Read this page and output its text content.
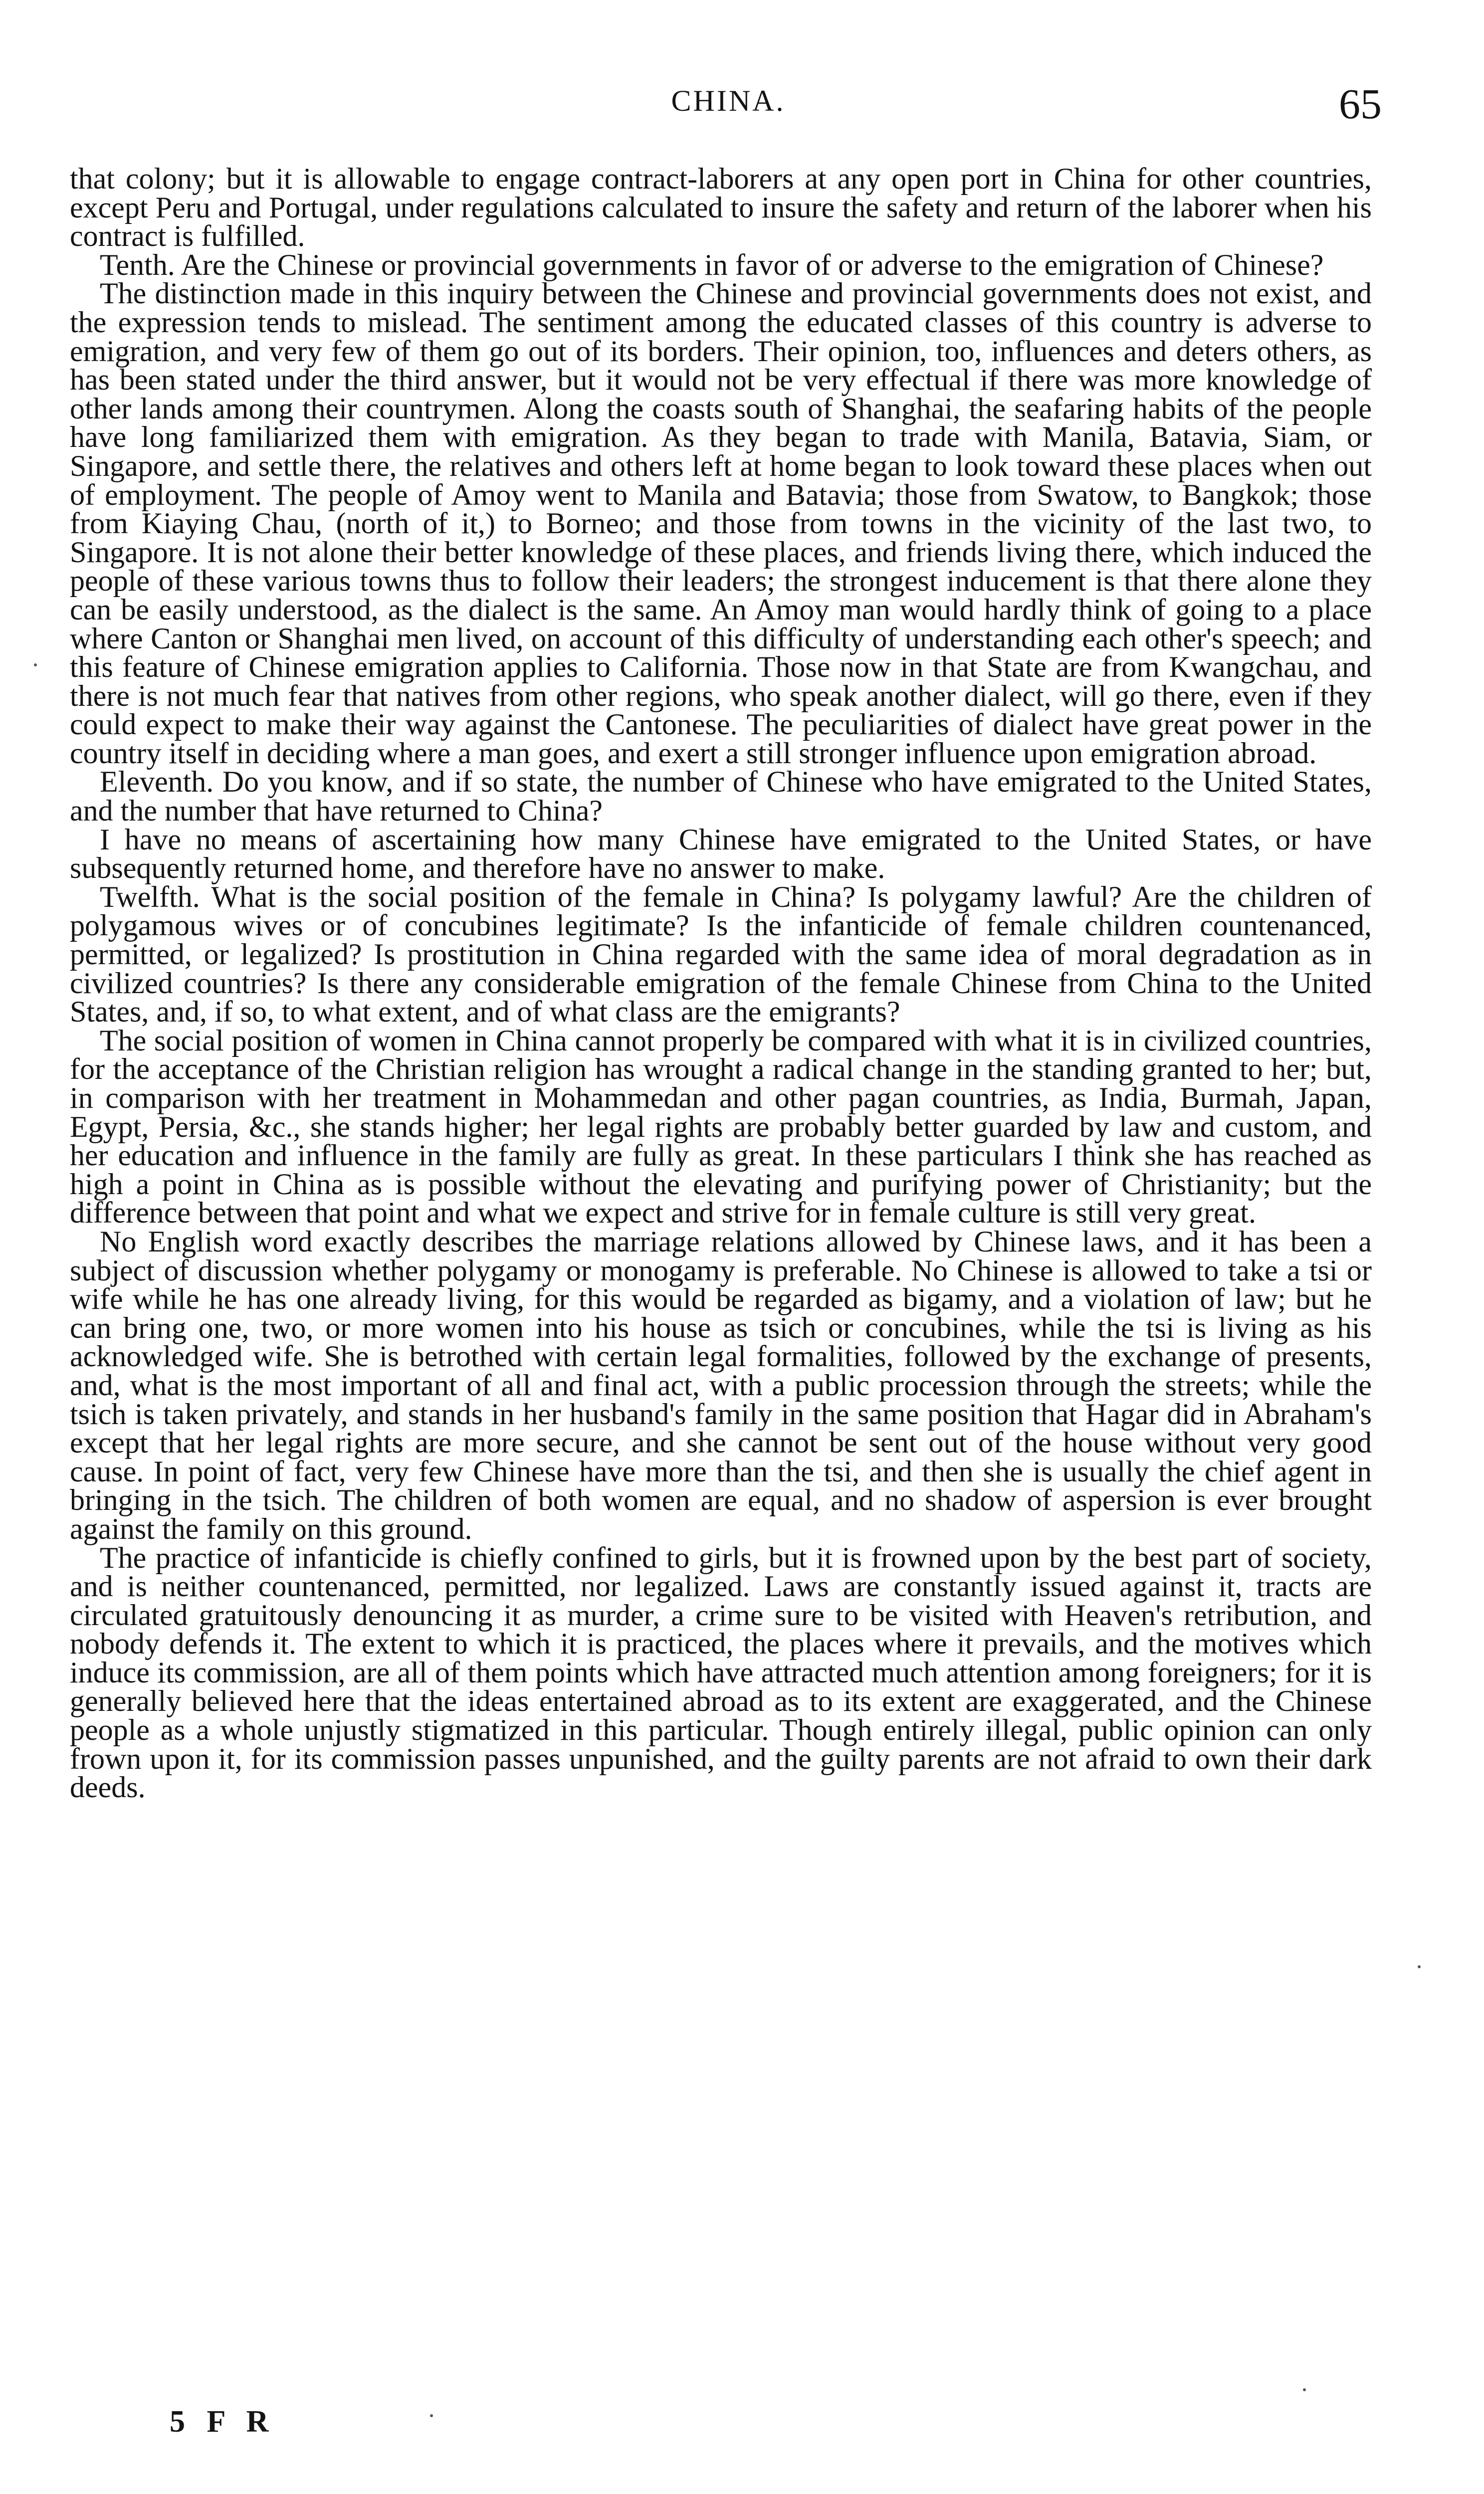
CHINA.	65

that colony; but it is allowable to engage contract-laborers at any open port in China for other countries, except Peru and Portugal, under regulations calculated to insure the safety and return of the laborer when his contract is fulfilled.

Tenth. Are the Chinese or provincial governments in favor of or adverse to the emigration of Chinese?

The distinction made in this inquiry between the Chinese and provincial governments does not exist, and the expression tends to mislead. The sentiment among the educated classes of this country is adverse to emigration, and very few of them go out of its borders. Their opinion, too, influences and deters others, as has been stated under the third answer, but it would not be very effectual if there was more knowledge of other lands among their countrymen. Along the coasts south of Shanghai, the seafaring habits of the people have long familiarized them with emigration. As they began to trade with Manila, Batavia, Siam, or Singapore, and settle there, the relatives and others left at home began to look toward these places when out of employment. The people of Amoy went to Manila and Batavia; those from Swatow, to Bangkok; those from Kiaying Chau, (north of it,) to Borneo; and those from towns in the vicinity of the last two, to Singapore. It is not alone their better knowledge of these places, and friends living there, which induced the people of these various towns thus to follow their leaders; the strongest inducement is that there alone they can be easily understood, as the dialect is the same. An Amoy man would hardly think of going to a place where Canton or Shanghai men lived, on account of this difficulty of understanding each other's speech; and this feature of Chinese emigration applies to California. Those now in that State are from Kwangchau, and there is not much fear that natives from other regions, who speak another dialect, will go there, even if they could expect to make their way against the Cantonese. The peculiarities of dialect have great power in the country itself in deciding where a man goes, and exert a still stronger influence upon emigration abroad.

Eleventh. Do you know, and if so state, the number of Chinese who have emigrated to the United States, and the number that have returned to China?

I have no means of ascertaining how many Chinese have emigrated to the United States, or have subsequently returned home, and therefore have no answer to make.

Twelfth. What is the social position of the female in China? Is polygamy lawful? Are the children of polygamous wives or of concubines legitimate? Is the infanticide of female children countenanced, permitted, or legalized? Is prostitution in China regarded with the same idea of moral degradation as in civilized countries? Is there any considerable emigration of the female Chinese from China to the United States, and, if so, to what extent, and of what class are the emigrants?

The social position of women in China cannot properly be compared with what it is in civilized countries, for the acceptance of the Christian religion has wrought a radical change in the standing granted to her; but, in comparison with her treatment in Mohammedan and other pagan countries, as India, Burmah, Japan, Egypt, Persia, &c., she stands higher; her legal rights are probably better guarded by law and custom, and her education and influence in the family are fully as great. In these particulars I think she has reached as high a point in China as is possible without the elevating and purifying power of Christianity; but the difference between that point and what we expect and strive for in female culture is still very great.

No English word exactly describes the marriage relations allowed by Chinese laws, and it has been a subject of discussion whether polygamy or monogamy is preferable. No Chinese is allowed to take a tsi or wife while he has one already living, for this would be regarded as bigamy, and a violation of law; but he can bring one, two, or more women into his house as tsich or concubines, while the tsi is living as his acknowledged wife. She is betrothed with certain legal formalities, followed by the exchange of presents, and, what is the most important of all and final act, with a public procession through the streets; while the tsich is taken privately, and stands in her husband's family in the same position that Hagar did in Abraham's except that her legal rights are more secure, and she cannot be sent out of the house without very good cause. In point of fact, very few Chinese have more than the tsi, and then she is usually the chief agent in bringing in the tsich. The children of both women are equal, and no shadow of aspersion is ever brought against the family on this ground.

The practice of infanticide is chiefly confined to girls, but it is frowned upon by the best part of society, and is neither countenanced, permitted, nor legalized. Laws are constantly issued against it, tracts are circulated gratuitously denouncing it as murder, a crime sure to be visited with Heaven's retribution, and nobody defends it. The extent to which it is practiced, the places where it prevails, and the motives which induce its commission, are all of them points which have attracted much attention among foreigners; for it is generally believed here that the ideas entertained abroad as to its extent are exaggerated, and the Chinese people as a whole unjustly stigmatized in this particular. Though entirely illegal, public opinion can only frown upon it, for its commission passes unpunished, and the guilty parents are not afraid to own their dark deeds.

5 F R
